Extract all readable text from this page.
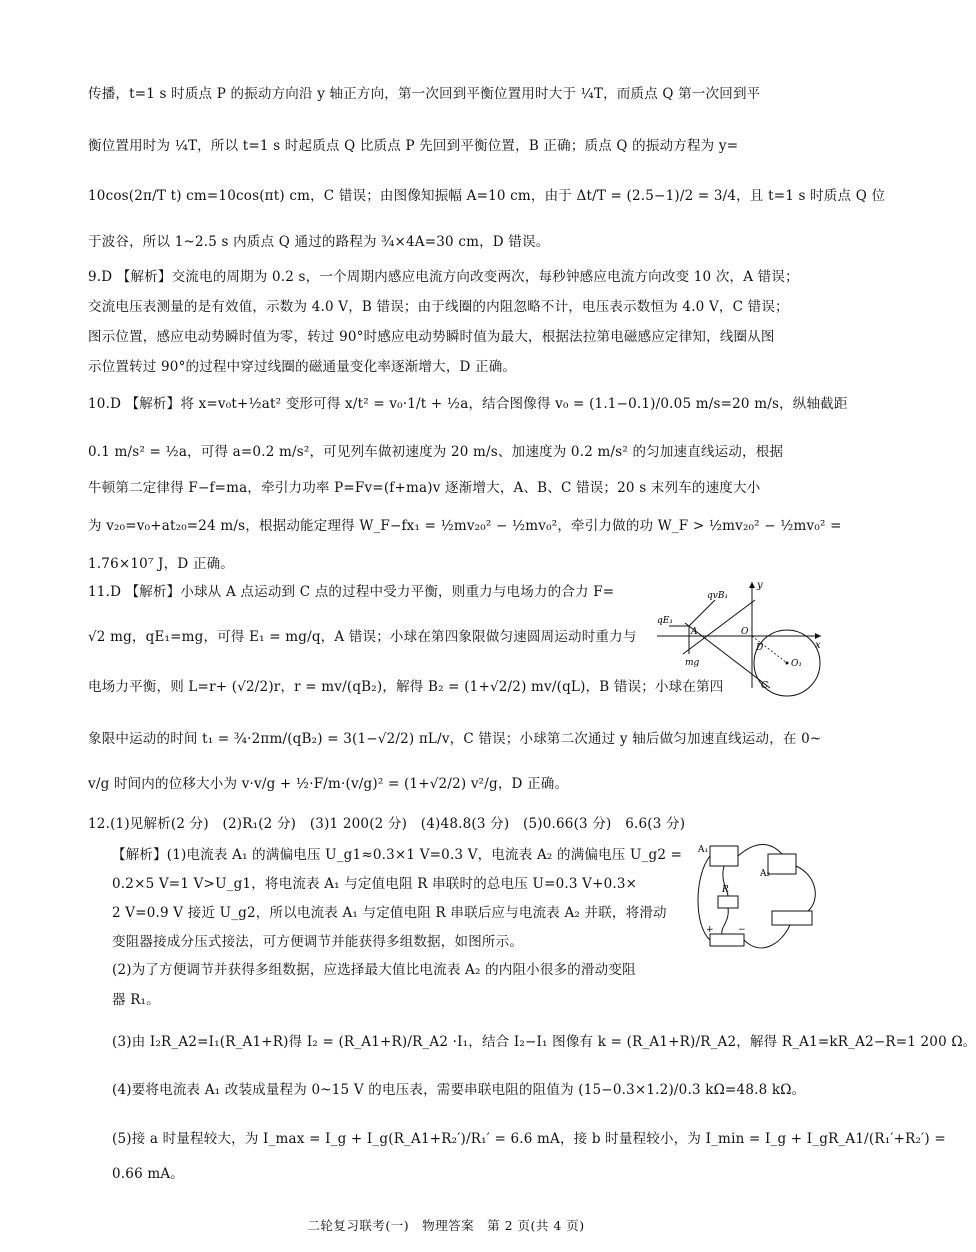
传播，t=1 s 时质点 P 的振动方向沿 y 轴正方向，第一次回到平衡位置用时大于 ¼T，而质点 Q 第一次回到平
衡位置用时为 ¼T，所以 t=1 s 时起质点 Q 比质点 P 先回到平衡位置，B 正确；质点 Q 的振动方程为 y=
10cos(2π/T t) cm=10cos(πt) cm，C 错误；由图像知振幅 A=10 cm，由于 Δt/T = (2.5−1)/2 = 3/4，且 t=1 s 时质点 Q 位
于波谷，所以 1~2.5 s 内质点 Q 通过的路程为 ¾×4A=30 cm，D 错误。
9.D 【解析】交流电的周期为 0.2 s，一个周期内感应电流方向改变两次，每秒钟感应电流方向改变 10 次，A 错误；
交流电压表测量的是有效值，示数为 4.0 V，B 错误；由于线圈的内阻忽略不计，电压表示数恒为 4.0 V，C 错误；
图示位置，感应电动势瞬时值为零，转过 90°时感应电动势瞬时值为最大，根据法拉第电磁感应定律知，线圈从图
示位置转过 90°的过程中穿过线圈的磁通量变化率逐渐增大，D 正确。
10.D 【解析】将 x=v₀t+½at² 变形可得 x/t² = v₀·1/t + ½a，结合图像得 v₀ = (1.1−0.1)/0.05 m/s=20 m/s，纵轴截距
0.1 m/s² = ½a，可得 a=0.2 m/s²，可见列车做初速度为 20 m/s、加速度为 0.2 m/s² 的匀加速直线运动，根据
牛顿第二定律得 F−f=ma，牵引力功率 P=Fv=(f+ma)v 逐渐增大，A、B、C 错误；20 s 末列车的速度大小
为 v₂₀=v₀+at₂₀=24 m/s，根据动能定理得 W_F−fx₁ = ½mv₂₀² − ½mv₀²，牵引力做的功 W_F > ½mv₂₀² − ½mv₀² =
1.76×10⁷ J，D 正确。
11.D 【解析】小球从 A 点运动到 C 点的过程中受力平衡，则重力与电场力的合力 F=
√2 mg，qE₁=mg，可得 E₁ = mg/q，A 错误；小球在第四象限做匀速圆周运动时重力与
电场力平衡，则 L=r+ (√2/2)r，r = mv/(qB₂)，解得 B₂ = (1+√2/2) mv/(qL)，B 错误；小球在第四
象限中运动的时间 t₁ = ¾·2πm/(qB₂) = 3(1−√2/2) πL/v，C 错误；小球第二次通过 y 轴后做匀加速直线运动，在 0~
v/g 时间内的位移大小为 v·v/g + ½·F/m·(v/g)² = (1+√2/2) v²/g，D 正确。
12.(1)见解析(2 分)　(2)R₁(2 分)　(3)1 200(2 分)　(4)48.8(3 分)　(5)0.66(3 分)　6.6(3 分)
【解析】(1)电流表 A₁ 的满偏电压 U_g1≈0.3×1 V=0.3 V，电流表 A₂ 的满偏电压 U_g2 =
0.2×5 V=1 V>U_g1，将电流表 A₁ 与定值电阻 R 串联时的总电压 U=0.3 V+0.3×
2 V=0.9 V 接近 U_g2，所以电流表 A₁ 与定值电阻 R 串联后应与电流表 A₂ 并联，将滑动
变阻器接成分压式接法，可方便调节并能获得多组数据，如图所示。
(2)为了方便调节并获得多组数据，应选择最大值比电流表 A₂ 的内阻小很多的滑动变阻
器 R₁。
(3)由 I₂R_A2=I₁(R_A1+R)得 I₂ = (R_A1+R)/R_A2 ·I₁，结合 I₂−I₁ 图像有 k = (R_A1+R)/R_A2，解得 R_A1=kR_A2−R=1 200 Ω。
(4)要将电流表 A₁ 改装成量程为 0~15 V 的电压表，需要串联电阻的阻值为 (15−0.3×1.2)/0.3 kΩ=48.8 kΩ。
(5)接 a 时量程较大，为 I_max = I_g + I_g(R_A1+R₂′)/R₁′ = 6.6 mA，接 b 时量程较小，为 I_min = I_g + I_gR_A1/(R₁′+R₂′) =
0.66 mA。
y
x
qvB₁
qE₁
A	O
D
O₁
mg
C
A₁
A₂
R
+	−
二轮复习联考(一)　物理答案　第 2 页(共 4 页)
